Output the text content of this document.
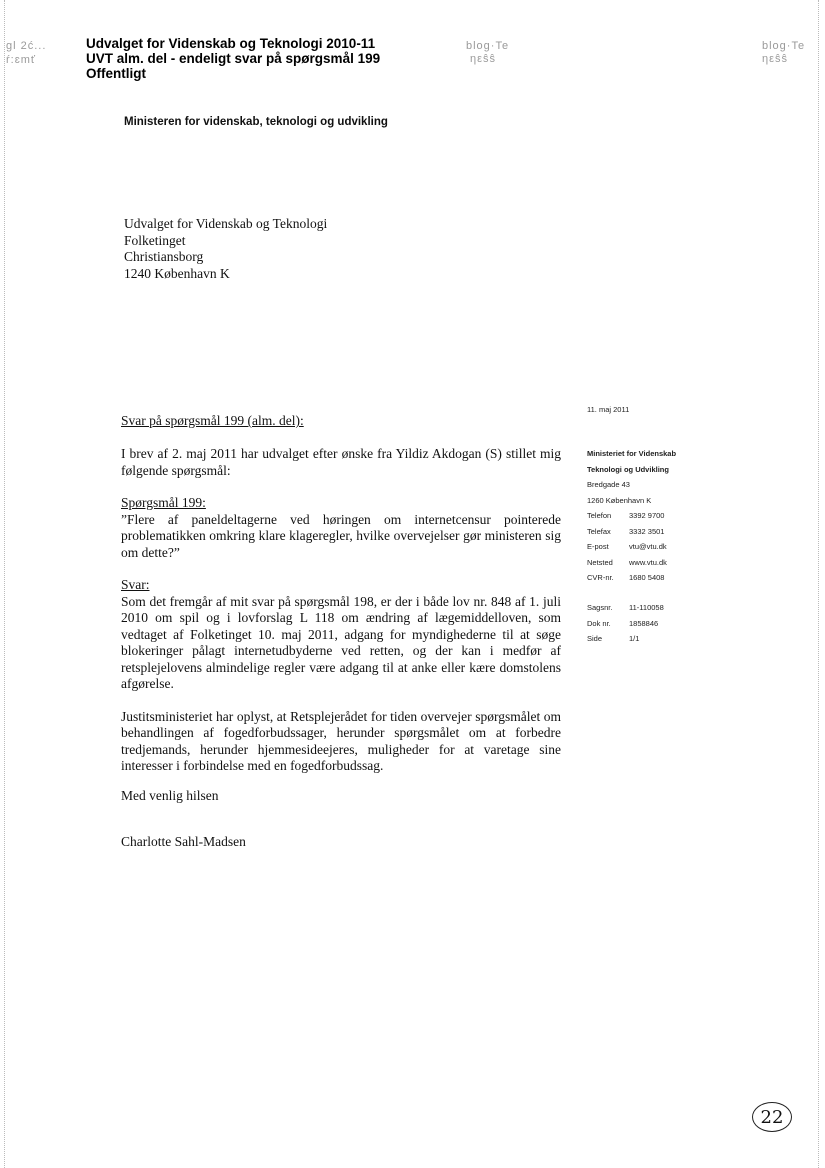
gl 2ć...
ŕ:ɛmť
blog·Te
ηεŝŝ
blog·Te
ηεŝŝ
Udvalget for Videnskab og Teknologi 2010-11
UVT alm. del - endeligt svar på spørgsmål 199
Offentligt
Ministeren for videnskab, teknologi og udvikling
Udvalget for Videnskab og Teknologi
Folketinget
Christiansborg
1240 København K
11. maj 2011
Svar på spørgsmål 199 (alm. del):

I brev af 2. maj 2011 har udvalget efter ønske fra Yildiz Akdogan (S) stillet mig følgende spørgsmål:

Spørgsmål 199:

”Flere af paneldeltagerne ved høringen om internetcensur pointerede problematikken omkring klare klageregler, hvilke overvejelser gør ministeren sig om dette?”

Svar:

Som det fremgår af mit svar på spørgsmål 198, er der i både lov nr. 848 af 1. juli 2010 om spil og i lovforslag L 118 om ændring af lægemiddelloven, som vedtaget af Folketinget 10. maj 2011, adgang for myndighederne til at søge blokeringer pålagt internetudbyderne ved retten, og der kan i medfør af retsplejelovens almindelige regler være adgang til at anke eller kære domstolens afgørelse.

Justitsministeriet har oplyst, at Retsplejerådet for tiden overvejer spørgsmålet om behandlingen af fogedforbudssager, herunder spørgsmålet om at forbedre tredjemands, herunder hjemmesideejeres, muligheder for at varetage sine interesser i forbindelse med en fogedforbudssag.

Med venlig hilsen
Charlotte Sahl-Madsen
Ministeriet for Videnskab
Teknologi og Udvikling
Bredgade 43
1260 København K
Telefon	3392 9700
Telefax	3332 3501
E-post	vtu@vtu.dk
Netsted	www.vtu.dk
CVR-nr.	1680 5408
Sagsnr.	11-110058
Dok nr.	1858846
Side	1/1
22
